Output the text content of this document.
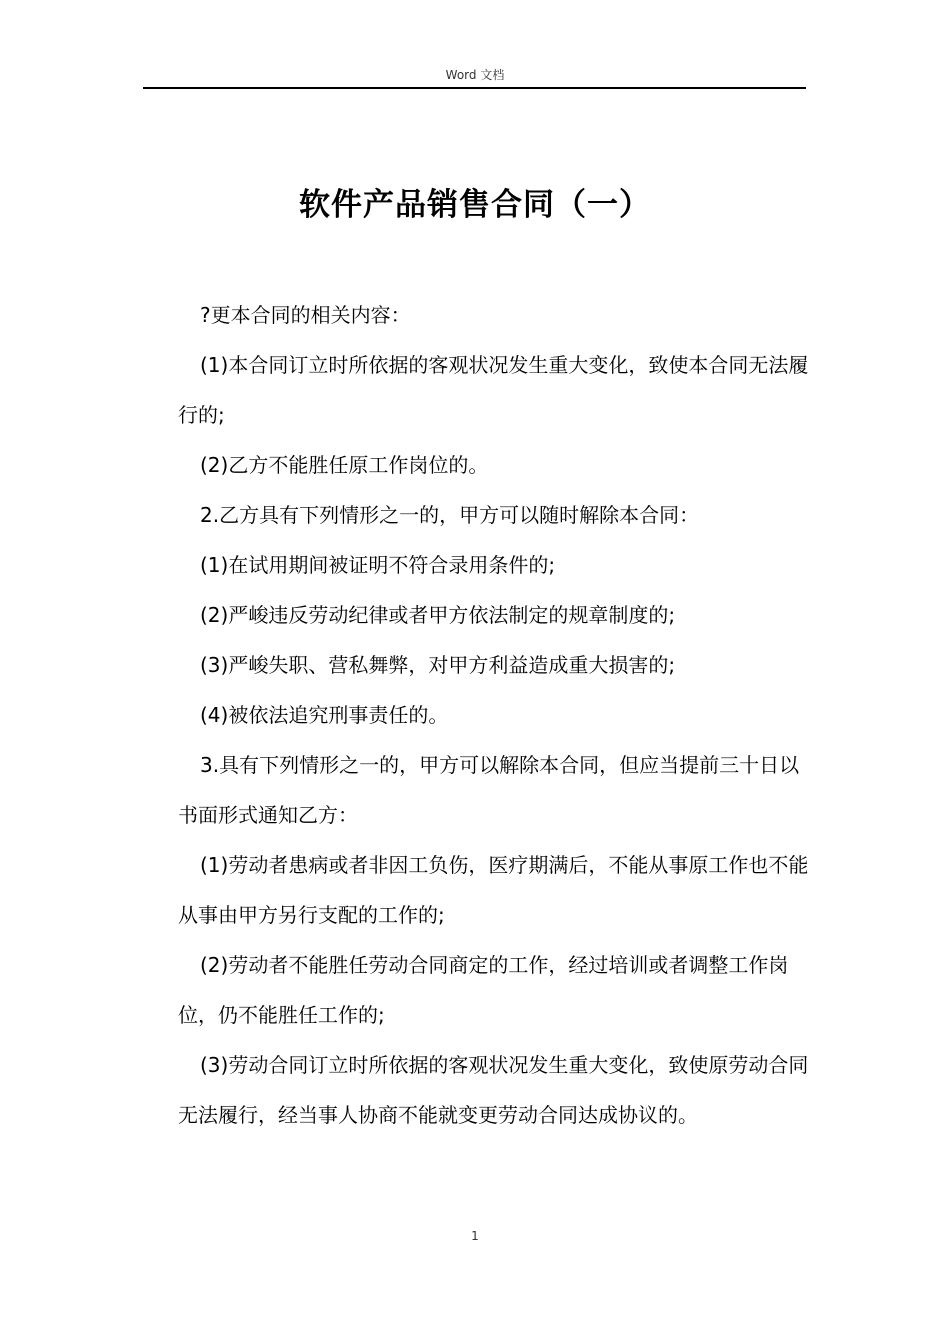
Word 文档
软件产品销售合同（一）

?更本合同的相关内容：

(1)本合同订立时所依据的客观状况发生重大变化，致使本合同无法履行的;

(2)乙方不能胜任原工作岗位的。

2.乙方具有下列情形之一的，甲方可以随时解除本合同：

(1)在试用期间被证明不符合录用条件的;

(2)严峻违反劳动纪律或者甲方依法制定的规章制度的;

(3)严峻失职、营私舞弊，对甲方利益造成重大损害的;

(4)被依法追究刑事责任的。

3.具有下列情形之一的，甲方可以解除本合同，但应当提前三十日以书面形式通知乙方：

(1)劳动者患病或者非因工负伤，医疗期满后，不能从事原工作也不能从事由甲方另行支配的工作的;

(2)劳动者不能胜任劳动合同商定的工作，经过培训或者调整工作岗位，仍不能胜任工作的;

(3)劳动合同订立时所依据的客观状况发生重大变化，致使原劳动合同无法履行，经当事人协商不能就变更劳动合同达成协议的。

1
